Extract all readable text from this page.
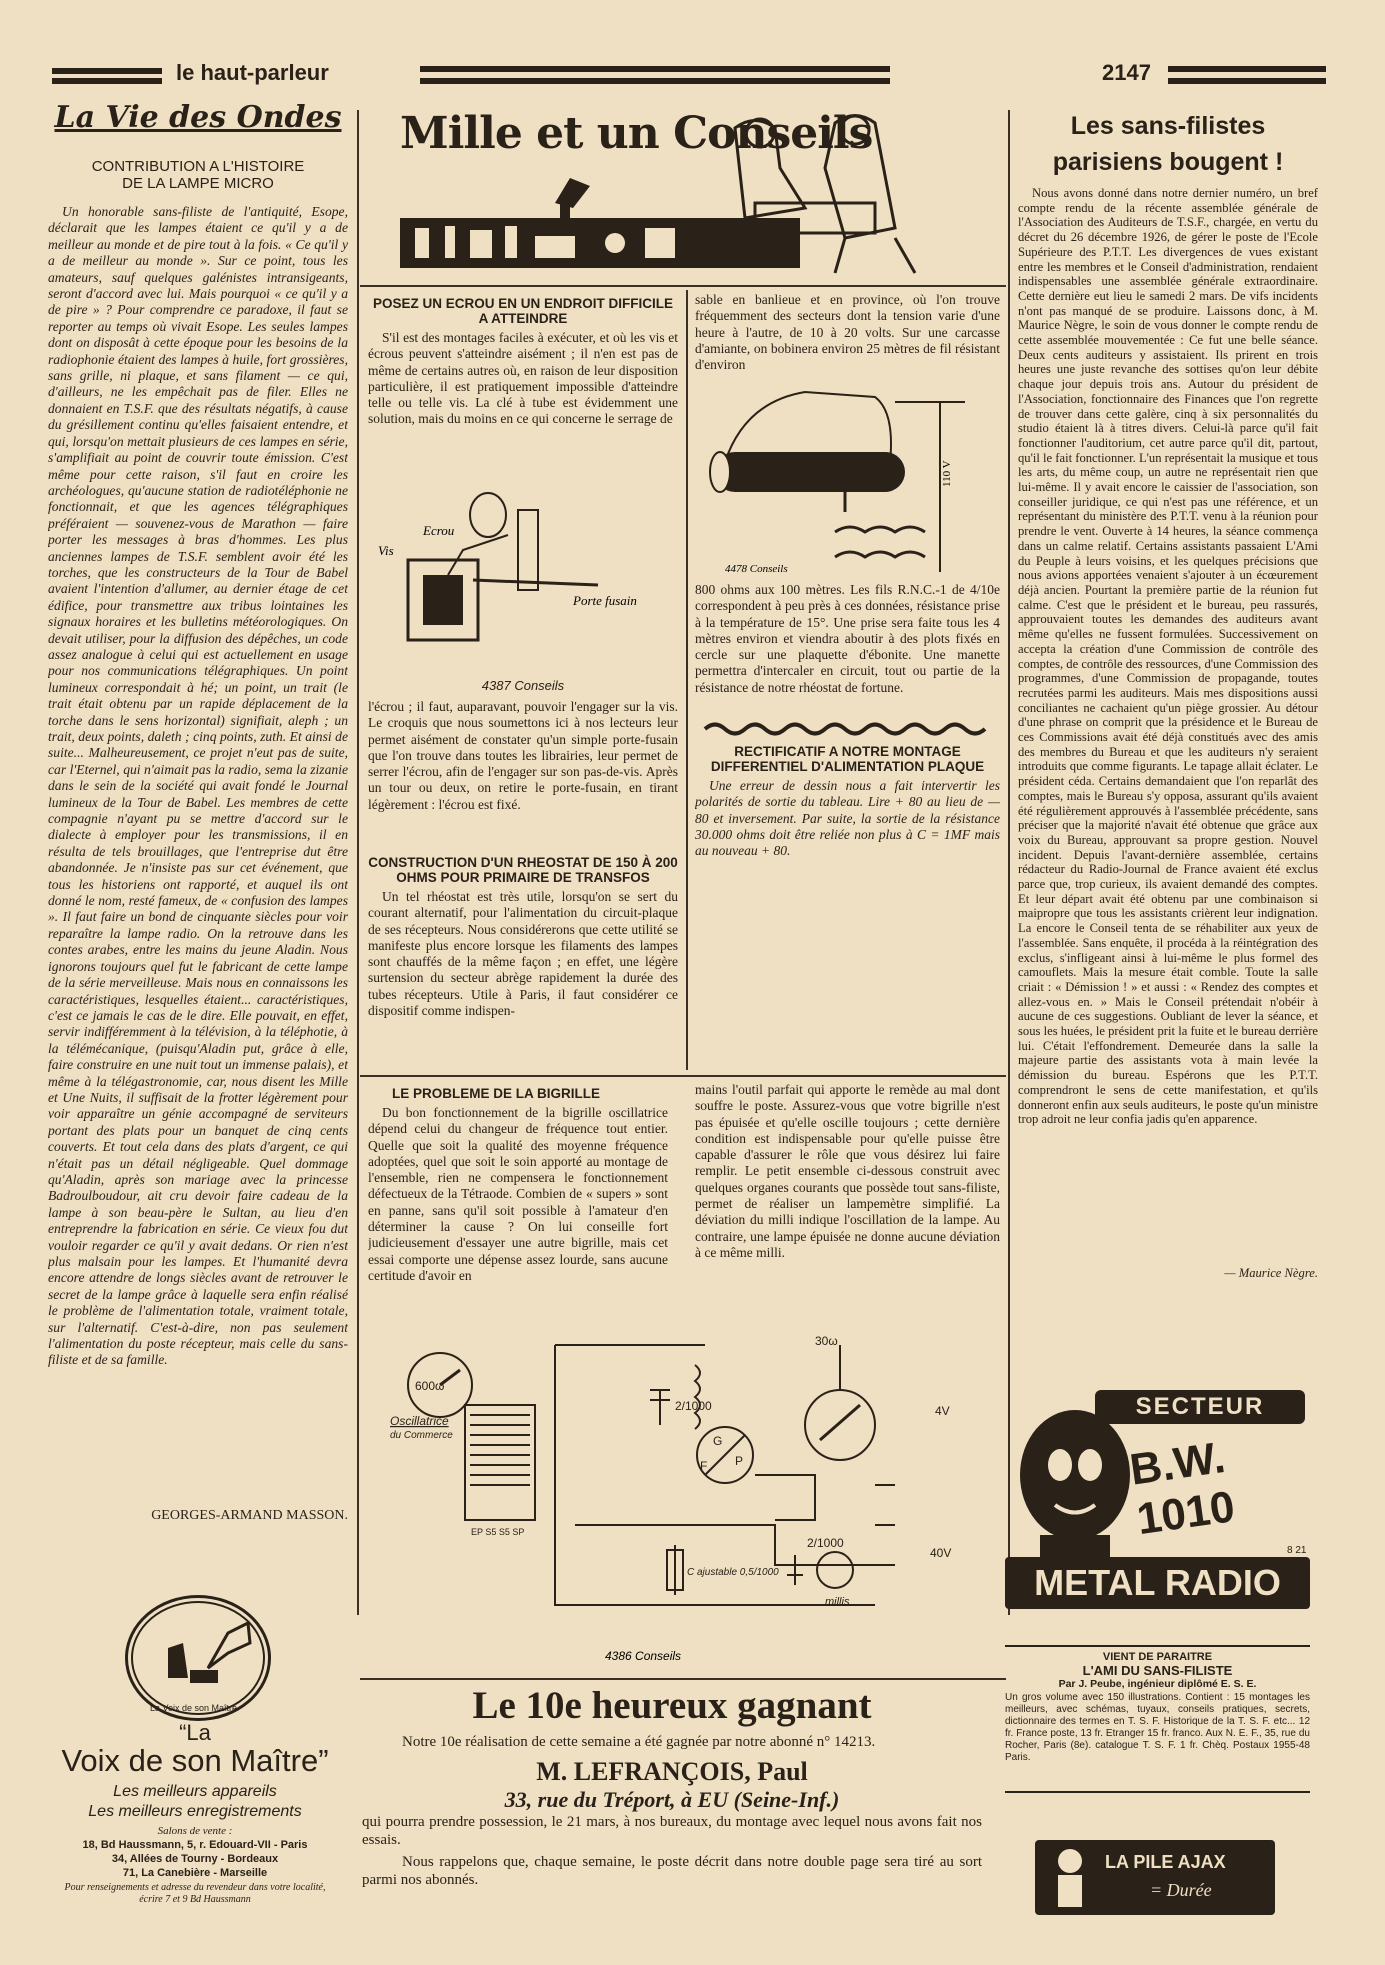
le haut-parleur	2147
La Vie des Ondes
CONTRIBUTION A L'HISTOIRE
DE LA LAMPE MICRO
Un honorable sans-filiste de l'antiquité, Esope, déclarait que les lampes étaient ce qu'il y a de meilleur au monde et de pire tout à la fois. « Ce qu'il y a de meilleur au monde ». Sur ce point, tous les amateurs, sauf quelques galénistes intransigeants, seront d'accord avec lui. Mais pourquoi « ce qu'il y a de pire » ? Pour comprendre ce paradoxe, il faut se reporter au temps où vivait Esope. Les seules lampes dont on disposât à cette époque pour les besoins de la radiophonie étaient des lampes à huile, fort grossières, sans grille, ni plaque, et sans filament — ce qui, d'ailleurs, ne les empêchait pas de filer. Elles ne donnaient en T.S.F. que des résultats négatifs, à cause du grésillement continu qu'elles faisaient entendre, et qui, lorsqu'on mettait plusieurs de ces lampes en série, s'amplifiait au point de couvrir toute émission. C'est même pour cette raison, s'il faut en croire les archéologues, qu'aucune station de radiotéléphonie ne fonctionnait, et que les agences télégraphiques préféraient — souvenez-vous de Marathon — faire porter les messages à bras d'hommes. Les plus anciennes lampes de T.S.F. semblent avoir été les torches, que les constructeurs de la Tour de Babel avaient l'intention d'allumer, au dernier étage de cet édifice, pour transmettre aux tribus lointaines les signaux horaires et les bulletins météorologiques. On devait utiliser, pour la diffusion des dépêches, un code assez analogue à celui qui est actuellement en usage pour nos communications télégraphiques. Un point lumineux correspondait à hé; un point, un trait (le trait était obtenu par un rapide déplacement de la torche dans le sens horizontal) signifiait, aleph ; un trait, deux points, daleth ; cinq points, zuth. Et ainsi de suite... Malheureusement, ce projet n'eut pas de suite, car l'Eternel, qui n'aimait pas la radio, sema la zizanie dans le sein de la société qui avait fondé le Journal lumineux de la Tour de Babel. Les membres de cette compagnie n'ayant pu se mettre d'accord sur le dialecte à employer pour les transmissions, il en résulta de tels brouillages, que l'entreprise dut être abandonnée. Je n'insiste pas sur cet événement, que tous les historiens ont rapporté, et auquel ils ont donné le nom, resté fameux, de « confusion des lampes ». Il faut faire un bond de cinquante siècles pour voir reparaître la lampe radio. On la retrouve dans les contes arabes, entre les mains du jeune Aladin. Nous ignorons toujours quel fut le fabricant de cette lampe de la série merveilleuse. Mais nous en connaissons les caractéristiques, lesquelles étaient... caractéristiques, c'est ce jamais le cas de le dire. Elle pouvait, en effet, servir indifféremment à la télévision, à la téléphotie, à la télémécanique, (puisqu'Aladin put, grâce à elle, faire construire en une nuit tout un immense palais), et même à la télégastronomie, car, nous disent les Mille et Une Nuits, il suffisait de la frotter légèrement pour voir apparaître un génie accompagné de serviteurs portant des plats pour un banquet de cinq cents couverts. Et tout cela dans des plats d'argent, ce qui n'était pas un détail négligeable. Quel dommage qu'Aladin, après son mariage avec la princesse Badroulboudour, ait cru devoir faire cadeau de la lampe à son beau-père le Sultan, au lieu d'en entreprendre la fabrication en série. Ce vieux fou dut vouloir regarder ce qu'il y avait dedans. Or rien n'est plus malsain pour les lampes. Et l'humanité devra encore attendre de longs siècles avant de retrouver le secret de la lampe grâce à laquelle sera enfin réalisé le problème de l'alimentation totale, vraiment totale, sur l'alternatif. C'est-à-dire, non pas seulement l'alimentation du poste récepteur, mais celle du sans-filiste et de sa famille.
GEORGES-ARMAND MASSON.
La Voix de son Maître
“La
Voix de son Maître”
Les meilleurs appareils
Les meilleurs enregistrements
Salons de vente :
18, Bd Haussmann, 5, r. Edouard-VII - Paris
34, Allées de Tourny - Bordeaux
71, La Canebière - Marseille
Pour renseignements et adresse du revendeur dans votre localité, écrire 7 et 9 Bd Haussmann
Mille et un Conseils
POSEZ UN ECROU EN UN ENDROIT DIFFICILE A ATTEINDRE
S'il est des montages faciles à exécuter, et où les vis et écrous peuvent s'atteindre aisément ; il n'en est pas de même de certains autres où, en raison de leur disposition particulière, il est pratiquement impossible d'atteindre telle ou telle vis. La clé à tube est évidemment une solution, mais du moins en ce qui concerne le serrage de
Vis
Ecrou
Porte fusain
4387 Conseils
l'écrou ; il faut, auparavant, pouvoir l'engager sur la vis. Le croquis que nous soumettons ici à nos lecteurs leur permet aisément de constater qu'un simple porte-fusain que l'on trouve dans toutes les librairies, leur permet de serrer l'écrou, afin de l'engager sur son pas-de-vis. Après un tour ou deux, on retire le porte-fusain, en tirant légèrement : l'écrou est fixé.
CONSTRUCTION D'UN RHEOSTAT DE 150 À 200 OHMS POUR PRIMAIRE DE TRANSFOS
Un tel rhéostat est très utile, lorsqu'on se sert du courant alternatif, pour l'alimentation du circuit-plaque de ses récepteurs. Nous considérerons que cette utilité se manifeste plus encore lorsque les filaments des lampes sont chauffés de la même façon ; en effet, une légère surtension du secteur abrège rapidement la durée des tubes récepteurs. Utile à Paris, il faut considérer ce dispositif comme indispen-
sable en banlieue et en province, où l'on trouve fréquemment des secteurs dont la tension varie d'une heure à l'autre, de 10 à 20 volts. Sur une carcasse d'amiante, on bobinera environ 25 mètres de fil résistant d'environ
110 V
4478 Conseils
800 ohms aux 100 mètres. Les fils R.N.C.-1 de 4/10e correspondent à peu près à ces données, résistance prise à la température de 15°. Une prise sera faite tous les 4 mètres environ et viendra aboutir à des plots fixés en cercle sur une plaquette d'ébonite. Une manette permettra d'intercaler en circuit, tout ou partie de la résistance de notre rhéostat de fortune.
RECTIFICATIF A NOTRE MONTAGE DIFFERENTIEL D'ALIMENTATION PLAQUE
Une erreur de dessin nous a fait intervertir les polarités de sortie du tableau. Lire + 80 au lieu de — 80 et inversement. Par suite, la sortie de la résistance 30.000 ohms doit être reliée non plus à C = 1MF mais au nouveau + 80.
LE PROBLEME DE LA BIGRILLE
Du bon fonctionnement de la bigrille oscillatrice dépend celui du changeur de fréquence tout entier. Quelle que soit la qualité des moyenne fréquence adoptées, quel que soit le soin apporté au montage de l'ensemble, rien ne compensera le fonctionnement défectueux de la Tétraode. Combien de « supers » sont en panne, sans qu'il soit possible à l'amateur d'en déterminer la cause ? On lui conseille fort judicieusement d'essayer une autre bigrille, mais cet essai comporte une dépense assez lourde, sans aucune certitude d'avoir en
mains l'outil parfait qui apporte le remède au mal dont souffre le poste. Assurez-vous que votre bigrille n'est pas épuisée et qu'elle oscille toujours ; cette dernière condition est indispensable pour qu'elle puisse être capable d'assurer le rôle que vous désirez lui faire remplir. Le petit ensemble ci-dessous construit avec quelques organes courants que possède tout sans-filiste, permet de réaliser un lampemètre simplifié. La déviation du milli indique l'oscillation de la lampe. Au contraire, une lampe épuisée ne donne aucune déviation à ce même milli.
600ω
2/1000
30ω
4V
Oscillatrice
du Commerce
2/1000
40V
C ajustable 0,5/1000
millis
EP S5 S5 SP
G
P
F
4386 Conseils
Le 10e heureux gagnant
Notre 10e réalisation de cette semaine a été gagnée par notre abonné n° 14213.
M. LEFRANÇOIS, Paul
33, rue du Tréport, à EU (Seine-Inf.)
qui pourra prendre possession, le 21 mars, à nos bureaux, du montage avec lequel nous avons fait nos essais.
Nous rappelons que, chaque semaine, le poste décrit dans notre double page sera tiré au sort parmi nos abonnés.
Les sans-filistes parisiens bougent !
Nous avons donné dans notre dernier numéro, un bref compte rendu de la récente assemblée générale de l'Association des Auditeurs de T.S.F., chargée, en vertu du décret du 26 décembre 1926, de gérer le poste de l'Ecole Supérieure des P.T.T. Les divergences de vues existant entre les membres et le Conseil d'administration, rendaient indispensables une assemblée générale extraordinaire. Cette dernière eut lieu le samedi 2 mars. De vifs incidents n'ont pas manqué de se produire. Laissons donc, à M. Maurice Nègre, le soin de vous donner le compte rendu de cette assemblée mouvementée : Ce fut une belle séance. Deux cents auditeurs y assistaient. Ils prirent en trois heures une juste revanche des sottises qu'on leur débite chaque jour depuis trois ans. Autour du président de l'Association, fonctionnaire des Finances que l'on regrette de trouver dans cette galère, cinq à six personnalités du studio étaient là à titres divers. Celui-là parce qu'il fait fonctionner l'auditorium, cet autre parce qu'il dit, partout, qu'il le fait fonctionner. L'un représentait la musique et tous les arts, du même coup, un autre ne représentait rien que lui-même. Il y avait encore le caissier de l'association, son conseiller juridique, ce qui n'est pas une référence, et un représentant du ministère des P.T.T. venu à la réunion pour prendre le vent. Ouverte à 14 heures, la séance commença dans un calme relatif. Certains assistants passaient L'Ami du Peuple à leurs voisins, et les quelques précisions que nous avions apportées venaient s'ajouter à un écœurement déjà ancien. Pourtant la première partie de la réunion fut calme. C'est que le président et le bureau, peu rassurés, approuvaient toutes les demandes des auditeurs avant même qu'elles ne fussent formulées. Successivement on accepta la création d'une Commission de contrôle des comptes, de contrôle des ressources, d'une Commission des programmes, d'une Commission de propagande, toutes recrutées parmi les auditeurs. Mais mes dispositions aussi conciliantes ne cachaient qu'un piège grossier. Au détour d'une phrase on comprit que la présidence et le Bureau de ces Commissions avait été déjà constitués avec des amis des membres du Bureau et que les auditeurs n'y seraient introduits que comme figurants. Le tapage allait éclater. Le président céda. Certains demandaient que l'on reparlât des comptes, mais le Bureau s'y opposa, assurant qu'ils avaient été régulièrement approuvés à l'assemblée précédente, sans préciser que la majorité n'avait été obtenue que grâce aux voix du Bureau, approuvant sa propre gestion. Nouvel incident. Depuis l'avant-dernière assemblée, certains rédacteur du Radio-Journal de France avaient été exclus parce que, trop curieux, ils avaient demandé des comptes. Et leur départ avait été obtenu par une combinaison si maipropre que tous les assistants crièrent leur indignation. La encore le Conseil tenta de se réhabiliter aux yeux de l'assemblée. Sans enquête, il procéda à la réintégration des exclus, s'infligeant ainsi à lui-même le plus formel des camouflets. Mais la mesure était comble. Toute la salle criait : « Démission ! » et aussi : « Rendez des comptes et allez-vous en. » Mais le Conseil prétendait n'obéir à aucune de ces suggestions. Oubliant de lever la séance, et sous les huées, le président prit la fuite et le bureau derrière lui. C'était l'effondrement. Demeurée dans la salle la majeure partie des assistants vota à main levée la démission du bureau. Espérons que les P.T.T. comprendront le sens de cette manifestation, et qu'ils donneront enfin aux seuls auditeurs, le poste qu'un ministre trop adroit ne leur confia jadis qu'en apparence.
— Maurice Nègre.
SECTEUR
B.W. 1010
8 21
METAL RADIO
VIENT DE PARAITRE
L'AMI DU SANS-FILISTE
Par J. Peube, ingénieur diplômé E. S. E.
Un gros volume avec 150 illustrations. Contient : 15 montages les meilleurs, avec schémas, tuyaux, conseils pratiques, secrets, dictionnaire des termes en T. S. F. Historique de la T. S. F. etc... 12 fr. France poste, 13 fr. Etranger 15 fr. franco. Aux N. E. F., 35, rue du Rocher, Paris (8e). catalogue T. S. F. 1 fr. Chèq. Postaux 1955-48 Paris.
LA PILE AJAX
= Durée
